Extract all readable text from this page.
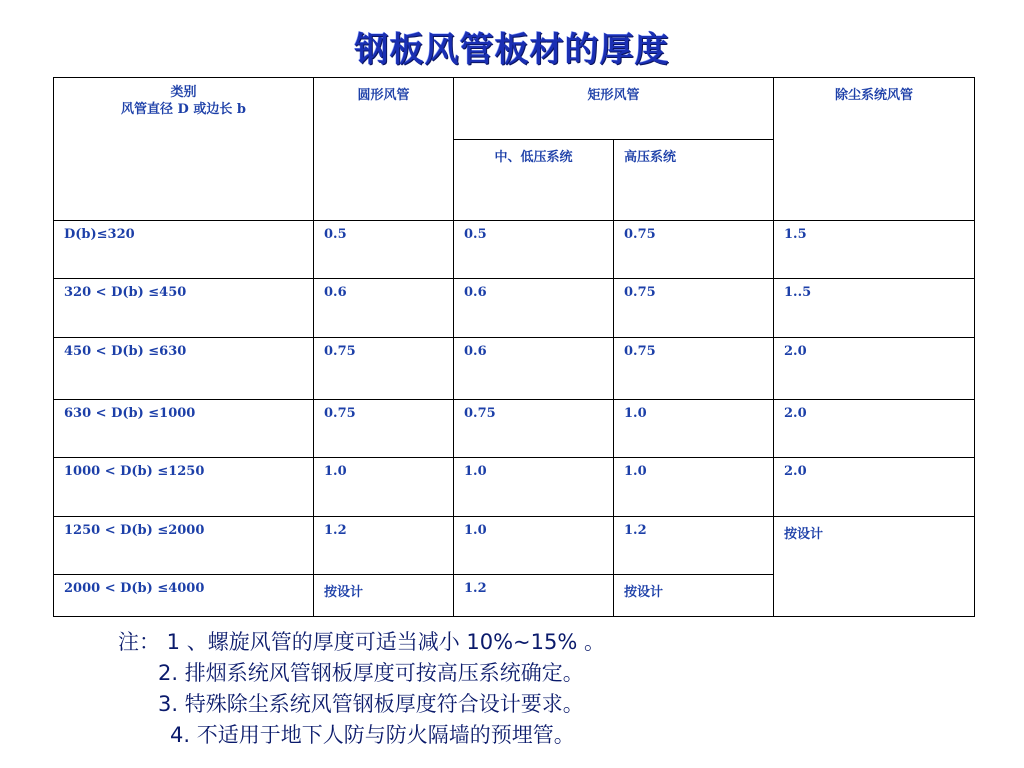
钢板风管板材的厚度
类别
风管直径 D 或边长 b	圆形风管	矩形风管		除尘系统风管
		中、低压系统	高压系统	
D(b)≤320	0.5	0.5	0.75	1.5
320 < D(b) ≤450	0.6	0.6	0.75	1..5
450 < D(b) ≤630	0.75	0.6	0.75	2.0
630 < D(b) ≤1000	0.75	0.75	1.0	2.0
1000 < D(b) ≤1250	1.0	1.0	1.0	2.0
1250 < D(b) ≤2000	1.2	1.0	1.2	按设计
2000 < D(b) ≤4000	按设计	1.2	按设计	
注： 1 、螺旋风管的厚度可适当减小 10%~15% 。
2. 排烟系统风管钢板厚度可按高压系统确定。
3. 特殊除尘系统风管钢板厚度符合设计要求。
4. 不适用于地下人防与防火隔墙的预埋管。
